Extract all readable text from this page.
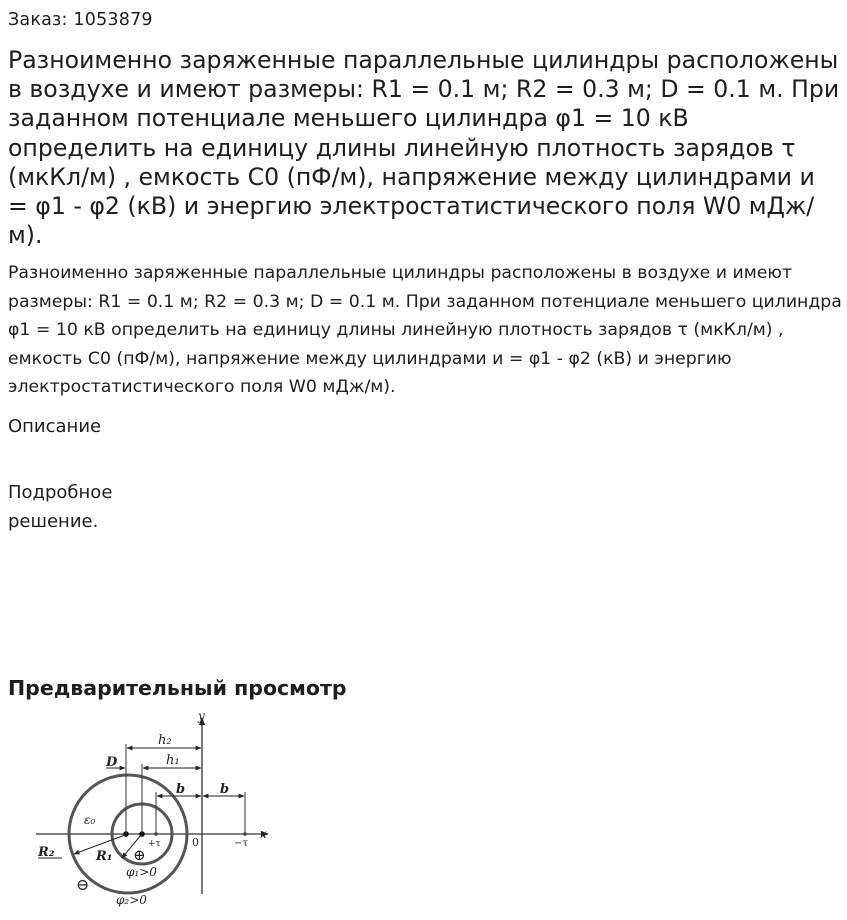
Заказ: 1053879
Разноименно заряженные параллельные цилиндры расположены в воздухе и имеют размеры: R1 = 0.1 м; R2 = 0.3 м; D = 0.1 м. При заданном потенциале меньшего цилиндра φ1 = 10 кВ определить на единицу длины линейную плотность зарядов τ (мкКл/м) , емкость С0 (пФ/м), напряжение между цилиндрами и = φ1 - φ2 (кВ) и энергию электростатистического поля W0 мДж/м).

Разноименно заряженные параллельные цилиндры расположены в воздухе и имеют размеры: R1 = 0.1 м; R2 = 0.3 м; D = 0.1 м. При заданном потенциале меньшего цилиндра φ1 = 10 кВ определить на единицу длины линейную плотность зарядов τ (мкКл/м) , емкость С0 (пФ/м), напряжение между цилиндрами и = φ1 - φ2 (кВ) и энергию электростатистического поля W0 мДж/м).

Описание
Подробное решение.
Предварительный просмотр
h₂
h₁
D
b	b
y
x
0
ε₀
+τ	−τ
R₂	R₁ ⊕
⊖
φ₁>0
φ₂>0
